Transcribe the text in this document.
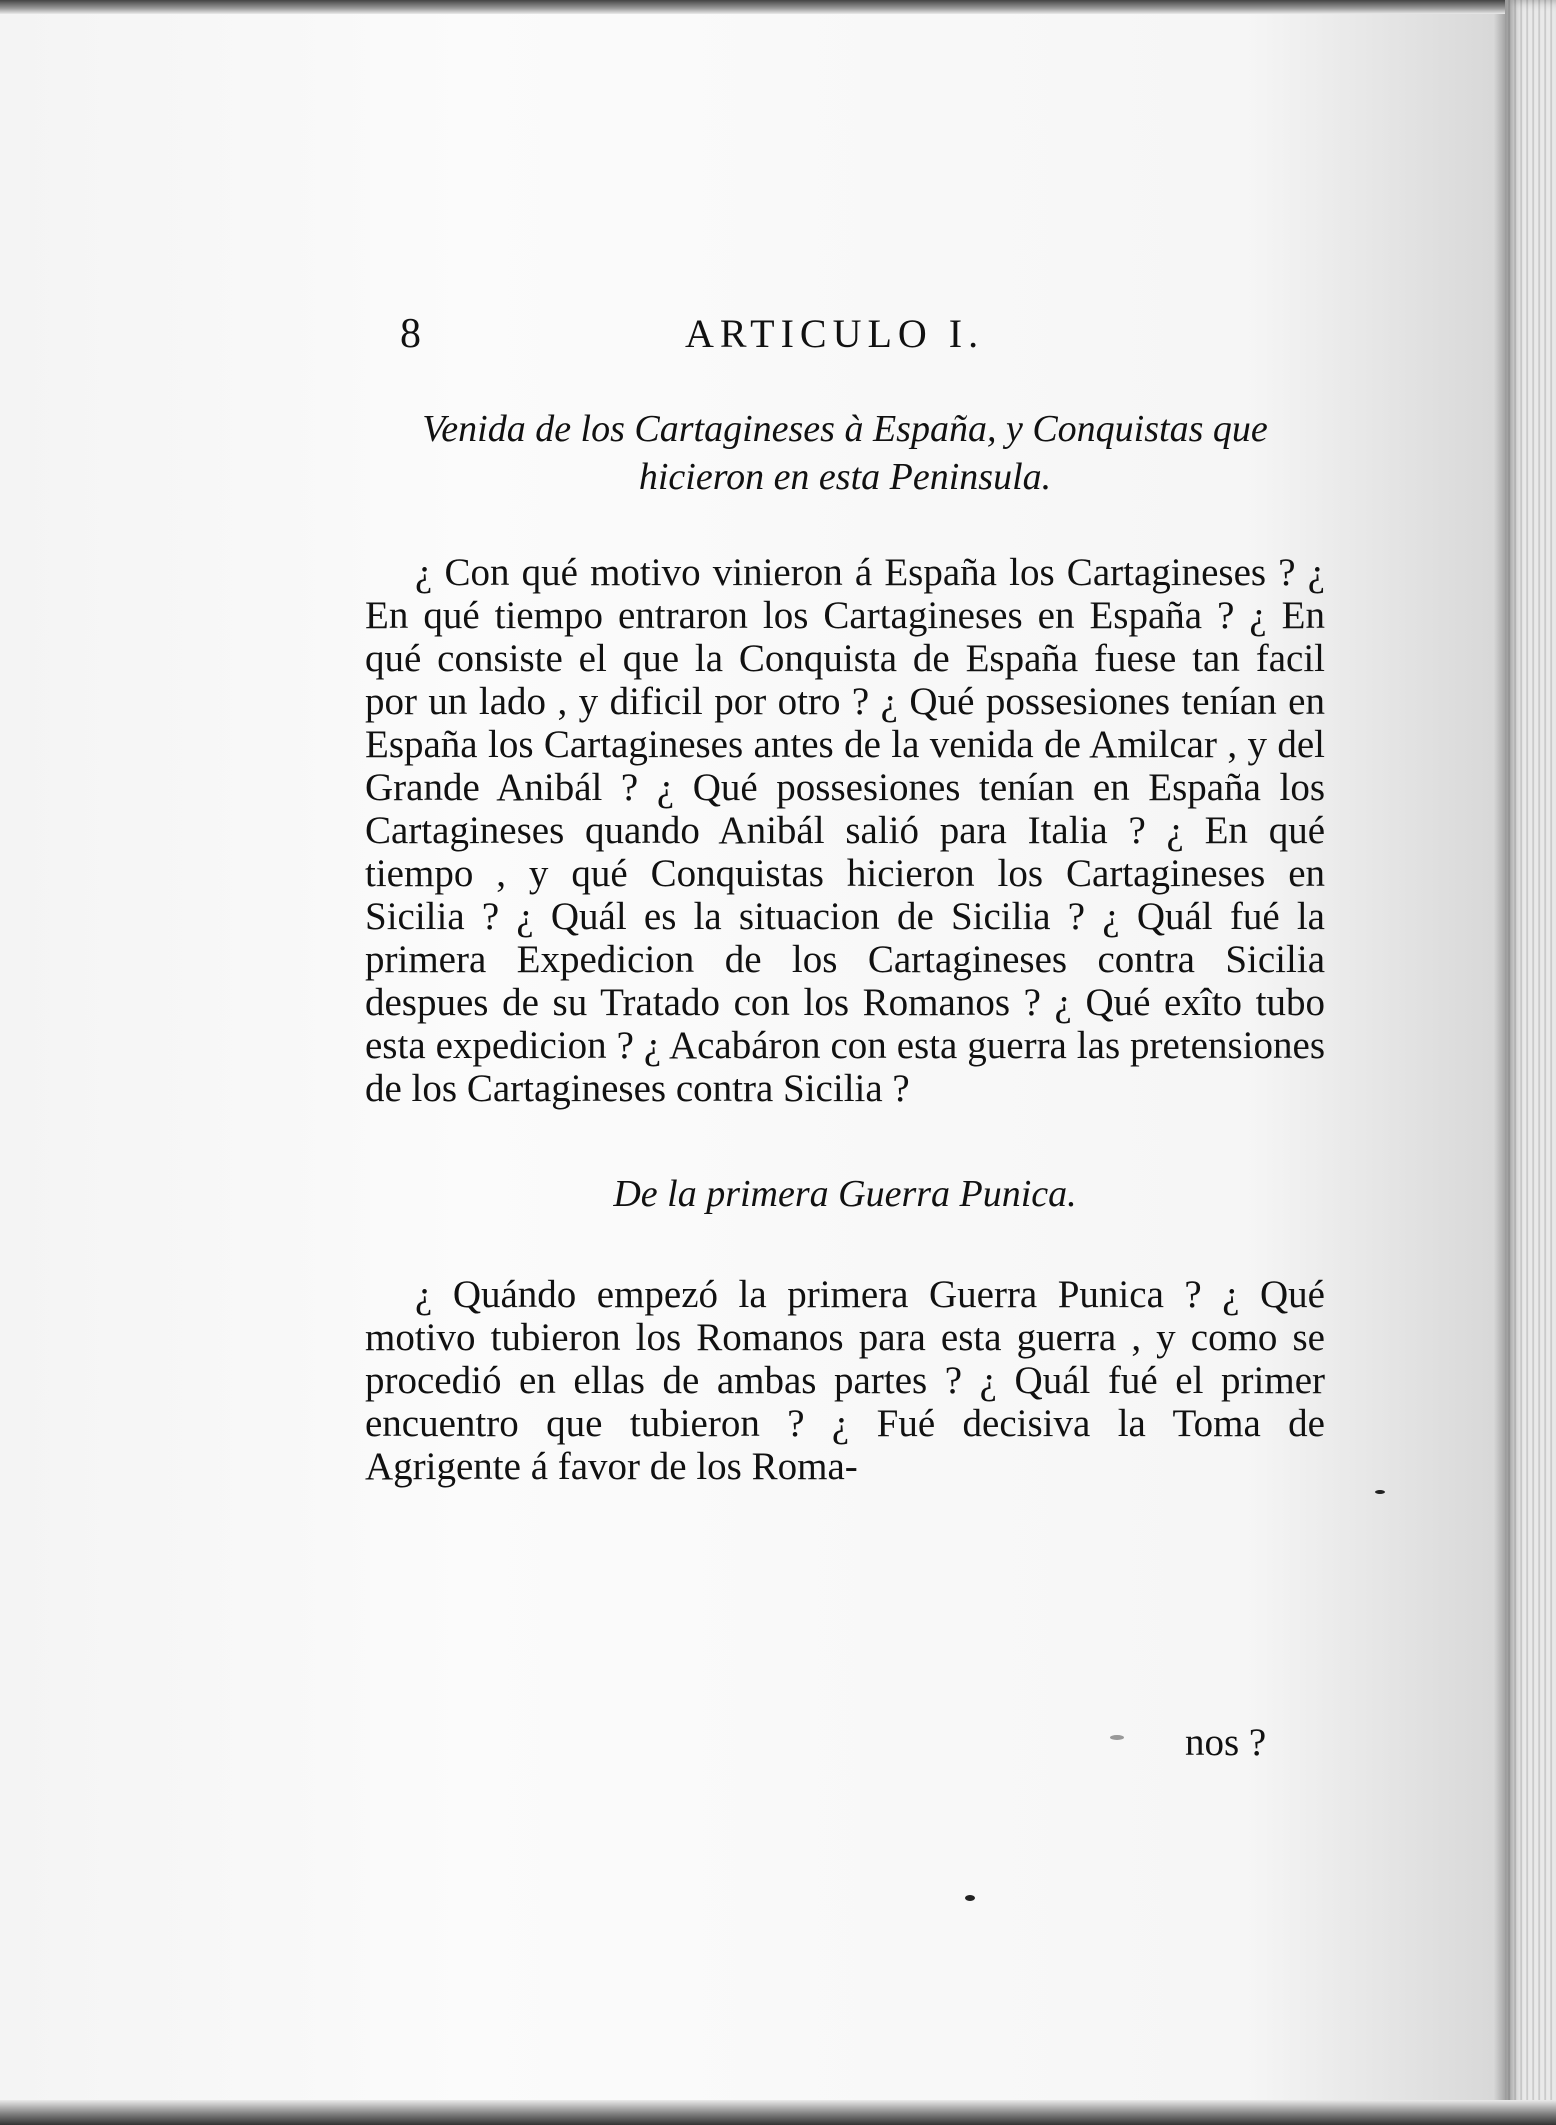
8	ARTICULO I.

Venida de los Cartagineses à España, y Conquistas que hicieron en esta Peninsula.

¿ Con qué motivo vinieron á España los Cartagineses ? ¿ En qué tiempo entraron los Cartagineses en España ? ¿ En qué consiste el que la Conquista de España fuese tan facil por un lado , y dificil por otro ? ¿ Qué possesiones tenían en España los Cartagineses antes de la venida de Amilcar , y del Grande Anibál ? ¿ Qué possesiones tenían en España los Cartagineses quando Anibál salió para Italia ? ¿ En qué tiempo , y qué Conquistas hicieron los Cartagineses en Sicilia ? ¿ Quál es la situacion de Sicilia ? ¿ Quál fué la primera Expedicion de los Cartagineses contra Sicilia despues de su Tratado con los Romanos ? ¿ Qué exîto tubo esta expedicion ? ¿ Acabáron con esta guerra las pretensiones de los Cartagineses contra Sicilia ?

De la primera Guerra Punica.

¿ Quándo empezó la primera Guerra Punica ? ¿ Qué motivo tubieron los Romanos para esta guerra , y como se procedió en ellas de ambas partes ? ¿ Quál fué el primer encuentro que tubieron ? ¿ Fué decisiva la Toma de Agrigente á favor de los Roma-

nos ?
